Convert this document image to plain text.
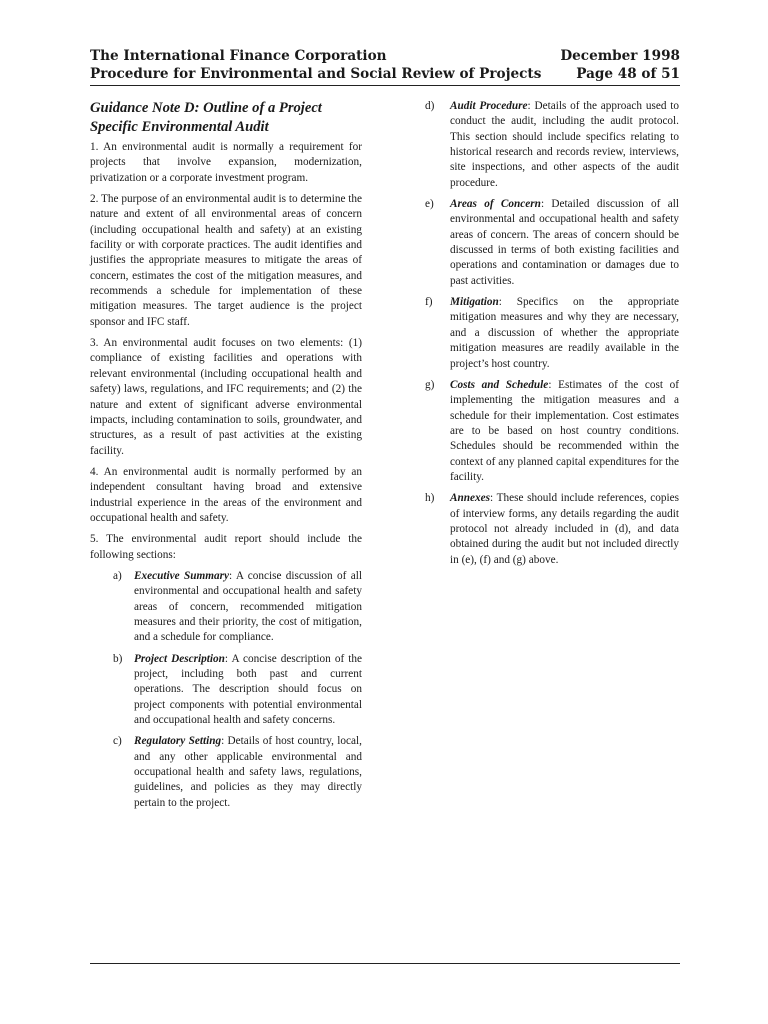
The International Finance Corporation	December 1998
Procedure for Environmental and Social Review of Projects	Page 48 of 51
Guidance Note D: Outline of a Project
Specific Environmental Audit

1. An environmental audit is normally a requirement for projects that involve expansion, modernization, privatization or a corporate investment program.

2. The purpose of an environmental audit is to determine the nature and extent of all environmental areas of concern (including occupational health and safety) at an existing facility or with corporate practices. The audit identifies and justifies the appropriate measures to mitigate the areas of concern, estimates the cost of the mitigation measures, and recommends a schedule for implementation of these mitigation measures. The target audience is the project sponsor and IFC staff.

3. An environmental audit focuses on two elements: (1) compliance of existing facilities and operations with relevant environmental (including occupational health and safety) laws, regulations, and IFC requirements; and (2) the nature and extent of significant adverse environmental impacts, including contamination to soils, groundwater, and structures, as a result of past activities at the existing facility.

4. An environmental audit is normally performed by an independent consultant having broad and extensive industrial experience in the areas of the environment and occupational health and safety.

5. The environmental audit report should include the following sections:

a)	Executive Summary: A concise discussion of all environmental and occupational health and safety areas of concern, recommended mitigation measures and their priority, the cost of mitigation, and a schedule for compliance.
b)	Project Description: A concise description of the project, including both past and current operations. The description should focus on project components with potential environmental and occupational health and safety concerns.
c)	Regulatory Setting: Details of host country, local, and any other applicable environmental and occupational health and safety laws, regulations, guidelines, and policies as they may directly pertain to the project.
d)	Audit Procedure: Details of the approach used to conduct the audit, including the audit protocol. This section should include specifics relating to historical research and records review, interviews, site inspections, and other aspects of the audit procedure.
e)	Areas of Concern: Detailed discussion of all environmental and occupational health and safety areas of concern. The areas of concern should be discussed in terms of both existing facilities and operations and contamination or damages due to past activities.
f)	Mitigation: Specifics on the appropriate mitigation measures and why they are necessary, and a discussion of whether the appropriate mitigation measures are readily available in the project’s host country.
g)	Costs and Schedule: Estimates of the cost of implementing the mitigation measures and a schedule for their implementation. Cost estimates are to be based on host country conditions. Schedules should be recommended within the context of any planned capital expenditures for the facility.
h)	Annexes: These should include references, copies of interview forms, any details regarding the audit protocol not already included in (d), and data obtained during the audit but not included directly in (e), (f) and (g) above.
